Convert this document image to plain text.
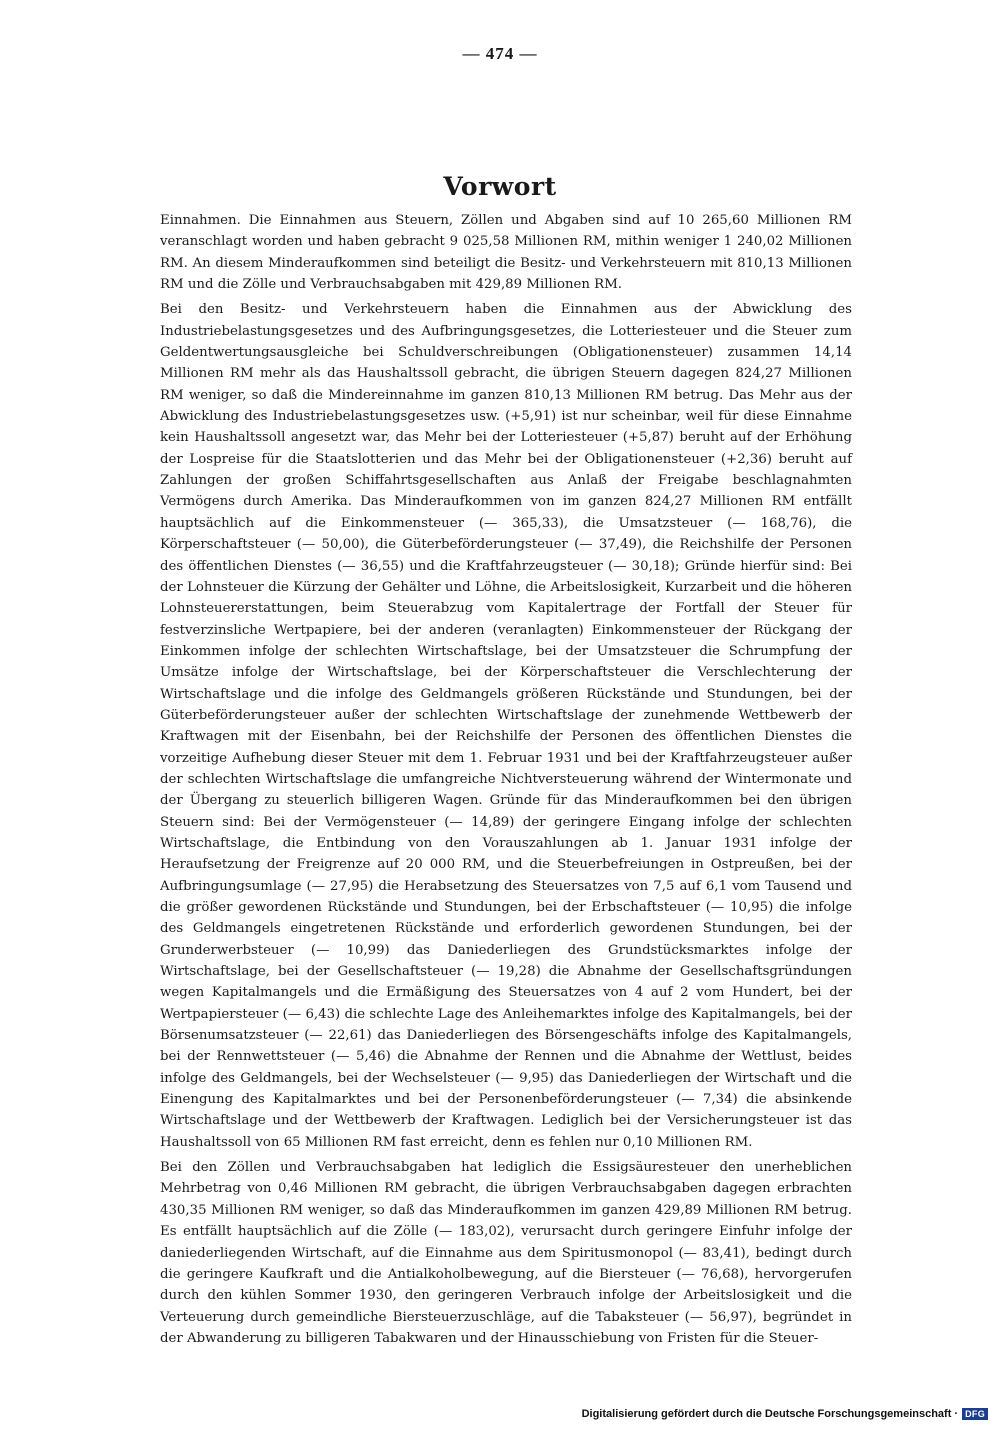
— 474 —
Vorwort

Einnahmen. Die Einnahmen aus Steuern, Zöllen und Abgaben sind auf 10 265,60 Millionen RM veranschlagt worden und haben gebracht 9 025,58 Millionen RM, mithin weniger 1 240,02 Millionen RM. An diesem Minderaufkommen sind beteiligt die Besitz- und Verkehrsteuern mit 810,13 Millionen RM und die Zölle und Verbrauchsabgaben mit 429,89 Millionen RM.

Bei den Besitz- und Verkehrsteuern haben die Einnahmen aus der Abwicklung des Industriebelastungsgesetzes und des Aufbringungsgesetzes, die Lotteriesteuer und die Steuer zum Geldentwertungsausgleiche bei Schuldverschreibungen (Obligationensteuer) zusammen 14,14 Millionen RM mehr als das Haushaltssoll gebracht, die übrigen Steuern dagegen 824,27 Millionen RM weniger, so daß die Mindereinnahme im ganzen 810,13 Millionen RM betrug. Das Mehr aus der Abwicklung des Industriebelastungsgesetzes usw. (+5,91) ist nur scheinbar, weil für diese Einnahme kein Haushaltssoll angesetzt war, das Mehr bei der Lotteriesteuer (+5,87) beruht auf der Erhöhung der Lospreise für die Staatslotterien und das Mehr bei der Obligationensteuer (+2,36) beruht auf Zahlungen der großen Schiffahrtsgesellschaften aus Anlaß der Freigabe beschlagnahmten Vermögens durch Amerika. Das Minderaufkommen von im ganzen 824,27 Millionen RM entfällt hauptsächlich auf die Einkommensteuer (— 365,33), die Umsatzsteuer (— 168,76), die Körperschaftsteuer (— 50,00), die Güterbeförderungsteuer (— 37,49), die Reichshilfe der Personen des öffentlichen Dienstes (— 36,55) und die Kraftfahrzeugsteuer (— 30,18); Gründe hierfür sind: Bei der Lohnsteuer die Kürzung der Gehälter und Löhne, die Arbeitslosigkeit, Kurzarbeit und die höheren Lohnsteuererstattungen, beim Steuerabzug vom Kapitalertrage der Fortfall der Steuer für festverzinsliche Wertpapiere, bei der anderen (veranlagten) Einkommensteuer der Rückgang der Einkommen infolge der schlechten Wirtschaftslage, bei der Umsatzsteuer die Schrumpfung der Umsätze infolge der Wirtschaftslage, bei der Körperschaftsteuer die Verschlechterung der Wirtschaftslage und die infolge des Geldmangels größeren Rückstände und Stundungen, bei der Güterbeförderungsteuer außer der schlechten Wirtschaftslage der zunehmende Wettbewerb der Kraftwagen mit der Eisenbahn, bei der Reichshilfe der Personen des öffentlichen Dienstes die vorzeitige Aufhebung dieser Steuer mit dem 1. Februar 1931 und bei der Kraftfahrzeugsteuer außer der schlechten Wirtschaftslage die umfangreiche Nichtversteuerung während der Wintermonate und der Übergang zu steuerlich billigeren Wagen. Gründe für das Minderaufkommen bei den übrigen Steuern sind: Bei der Vermögensteuer (— 14,89) der geringere Eingang infolge der schlechten Wirtschaftslage, die Entbindung von den Vorauszahlungen ab 1. Januar 1931 infolge der Heraufsetzung der Freigrenze auf 20 000 RM, und die Steuerbefreiungen in Ostpreußen, bei der Aufbringungsumlage (— 27,95) die Herabsetzung des Steuersatzes von 7,5 auf 6,1 vom Tausend und die größer gewordenen Rückstände und Stundungen, bei der Erbschaftsteuer (— 10,95) die infolge des Geldmangels eingetretenen Rückstände und erforderlich gewordenen Stundungen, bei der Grunderwerbsteuer (— 10,99) das Daniederliegen des Grundstücksmarktes infolge der Wirtschaftslage, bei der Gesellschaftsteuer (— 19,28) die Abnahme der Gesellschaftsgründungen wegen Kapitalmangels und die Ermäßigung des Steuersatzes von 4 auf 2 vom Hundert, bei der Wertpapiersteuer (— 6,43) die schlechte Lage des Anleihemarktes infolge des Kapitalmangels, bei der Börsenumsatzsteuer (— 22,61) das Daniederliegen des Börsengeschäfts infolge des Kapitalmangels, bei der Rennwettsteuer (— 5,46) die Abnahme der Rennen und die Abnahme der Wettlust, beides infolge des Geldmangels, bei der Wechselsteuer (— 9,95) das Daniederliegen der Wirtschaft und die Einengung des Kapitalmarktes und bei der Personenbeförderungsteuer (— 7,34) die absinkende Wirtschaftslage und der Wettbewerb der Kraftwagen. Lediglich bei der Versicherungsteuer ist das Haushaltssoll von 65 Millionen RM fast erreicht, denn es fehlen nur 0,10 Millionen RM.

Bei den Zöllen und Verbrauchsabgaben hat lediglich die Essigsäuresteuer den unerheblichen Mehrbetrag von 0,46 Millionen RM gebracht, die übrigen Verbrauchsabgaben dagegen erbrachten 430,35 Millionen RM weniger, so daß das Minderaufkommen im ganzen 429,89 Millionen RM betrug. Es entfällt hauptsächlich auf die Zölle (— 183,02), verursacht durch geringere Einfuhr infolge der daniederliegenden Wirtschaft, auf die Einnahme aus dem Spiritusmonopol (— 83,41), bedingt durch die geringere Kaufkraft und die Antialkoholbewegung, auf die Biersteuer (— 76,68), hervorgerufen durch den kühlen Sommer 1930, den geringeren Verbrauch infolge der Arbeitslosigkeit und die Verteuerung durch gemeindliche Biersteuerzuschläge, auf die Tabaksteuer (— 56,97), begründet in der Abwanderung zu billigeren Tabakwaren und der Hinausschiebung von Fristen für die Steuer-

Digitalisierung gefördert durch die Deutsche Forschungsgemeinschaft · DFG
